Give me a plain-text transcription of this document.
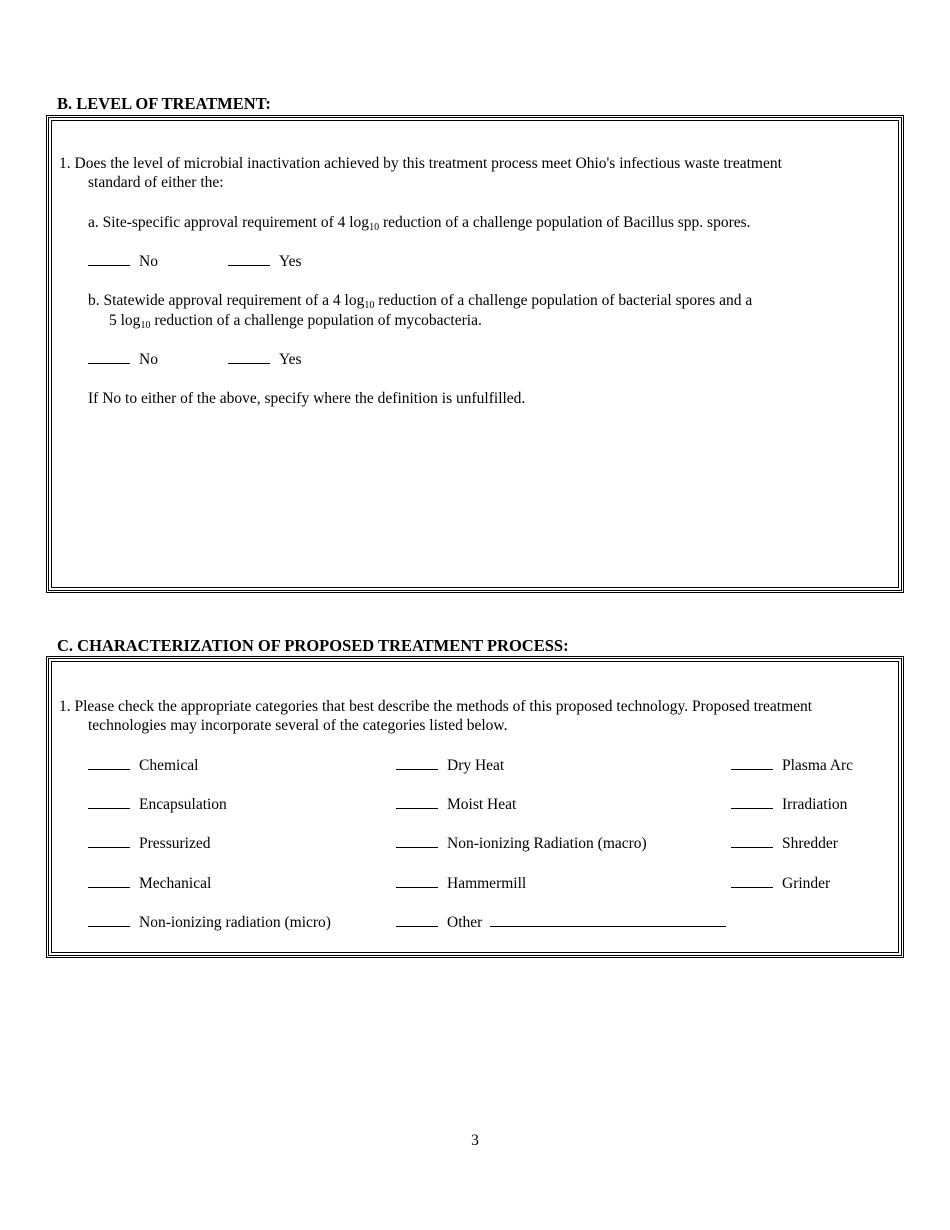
B. LEVEL OF TREATMENT:
1. Does the level of microbial inactivation achieved by this treatment process meet Ohio's infectious waste treatment
standard of either the:
a. Site-specific approval requirement of 4 $\log_{10}$ reduction of a challenge population of Bacillus spp. spores.
No	Yes
b. Statewide approval requirement of a 4 $\log_{10}$ reduction of a challenge population of bacterial spores and a
5 $\log_{10}$ reduction of a challenge population of mycobacteria.
No	Yes
If No to either of the above, specify where the definition is unfulfilled.
C. CHARACTERIZATION OF PROPOSED TREATMENT PROCESS:
1. Please check the appropriate categories that best describe the methods of this proposed technology. Proposed treatment
technologies may incorporate several of the categories listed below.
Chemical
Encapsulation
Pressurized
Mechanical
Non-ionizing radiation (micro)
Dry Heat
Moist Heat
Non-ionizing Radiation (macro)
Hammermill
Other
Plasma Arc
Irradiation
Shredder
Grinder
3
